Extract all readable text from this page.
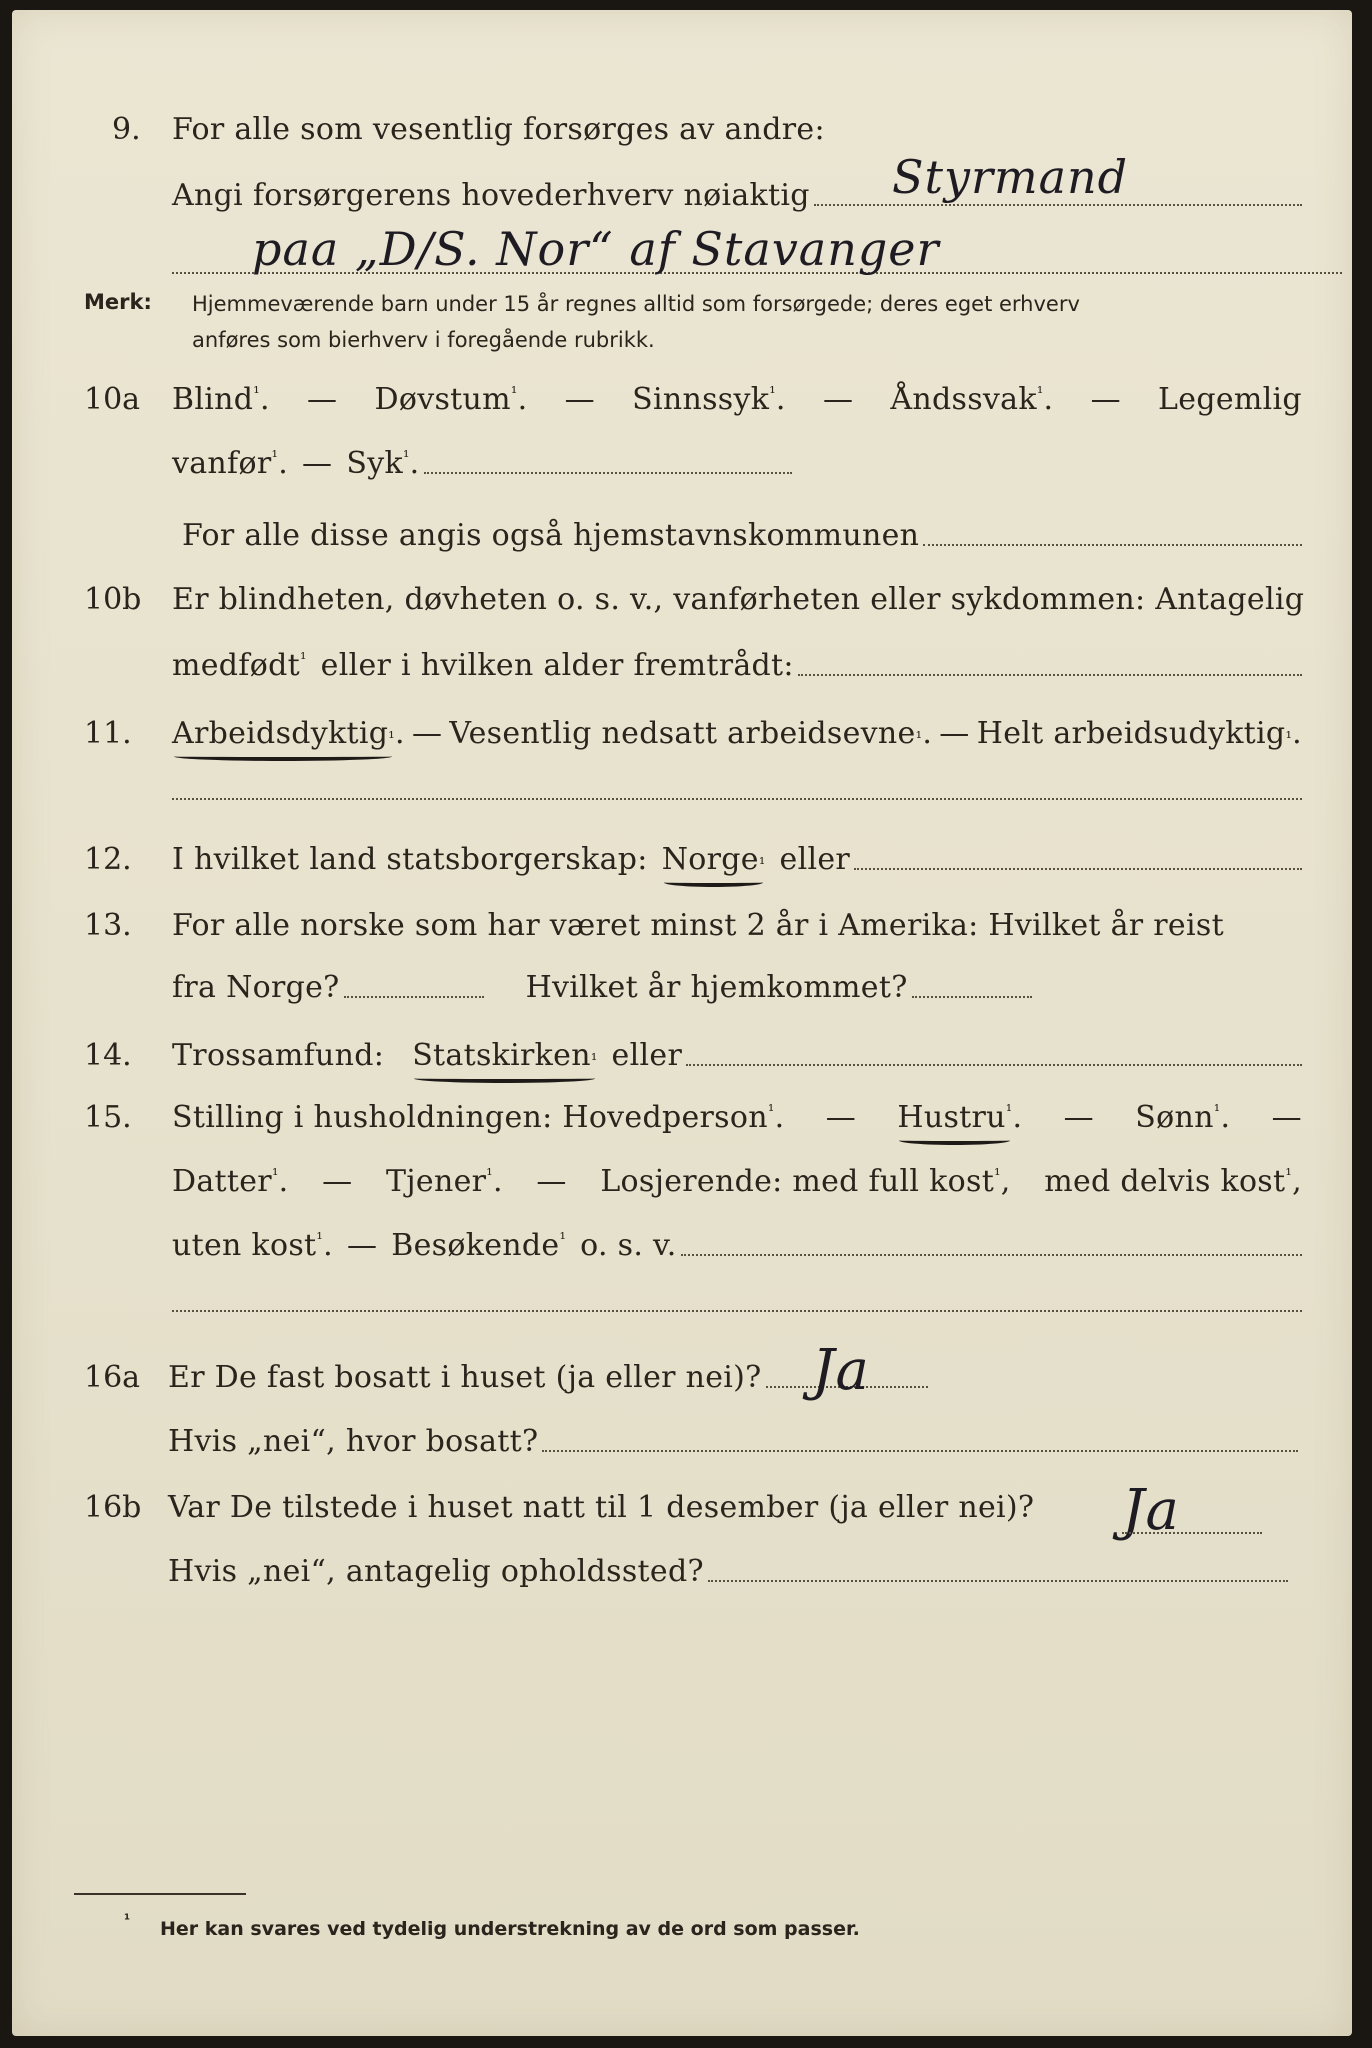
9. For alle som vesentlig forsørges av andre:
Angi forsørgerens hovederhverv nøiaktig Styrmand
paa „D/S. Nor“ af Stavanger
Merk: Hjemmeværende barn under 15 år regnes alltid som forsørgede; deres eget erhverv
anføres som bierhverv i foregående rubrikk.
10a Blind$^{^1}$. — Døvstum$^{^1}$. — Sinnssyk$^{^1}$. — Åndssvak$^{^1}$. — Legemlig
vanfør$^{^1}$. — Syk$^{^1}$.
For alle disse angis også hjemstavnskommunen
10b Er blindheten, døvheten o. s. v., vanførheten eller sykdommen: Antagelig
medfødt$^{^1}$ eller i hvilken alder fremtrådt:
11. Arbeidsdyktig ¹ . — Vesentlig nedsatt arbeidsevne ¹ . — Helt arbeidsudyktig ¹ .
12. I hvilket land statsborgerskap: Norge ¹ eller
13. For alle norske som har været minst 2 år i Amerika: Hvilket år reist
fra Norge?	Hvilket år hjemkommet?
14. Trossamfund: Statskirken ¹ eller
15. Stilling i husholdningen: Hovedperson$^{^1}$. — Hustru$^{^1}$. — Sønn$^{^1}$. —
Datter$^{^1}$. — Tjener$^{^1}$. — Losjerende: med full kost$^{^1}$, med delvis kost$^{^1}$,
uten kost$^{^1}$. — Besøkende$^{^1}$ o. s. v.
16a Er De fast bosatt i huset (ja eller nei)? Ja
Hvis „nei“, hvor bosatt?
16b Var De tilstede i huset natt til 1 desember (ja eller nei)? Ja
Hvis „nei“, antagelig opholdssted?
¹ Her kan svares ved tydelig understrekning av de ord som passer.
